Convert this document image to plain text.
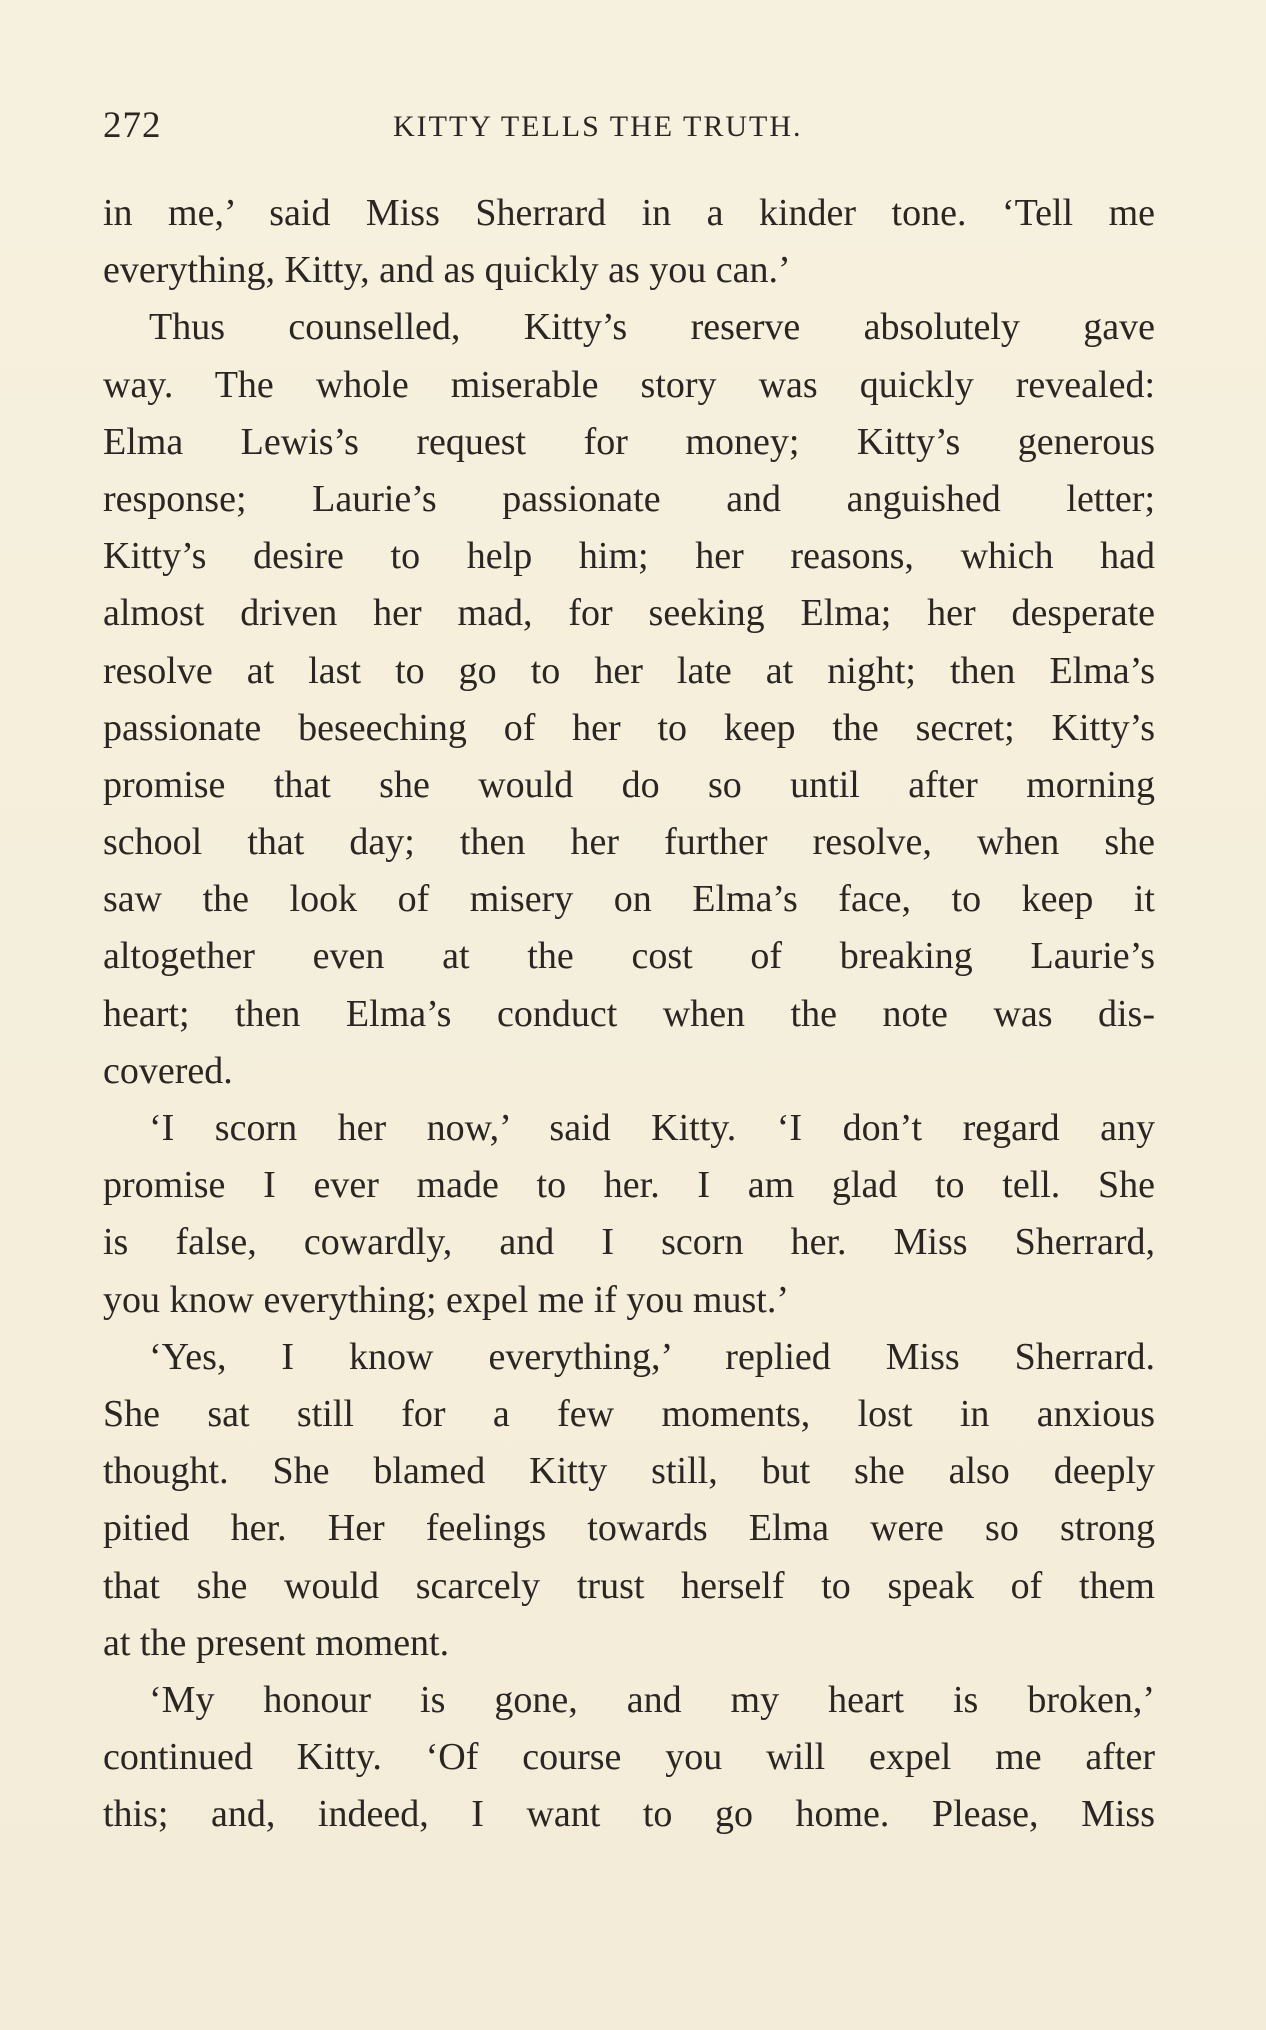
272	KITTY TELLS THE TRUTH.
in me,’ said Miss Sherrard in a kinder tone. ‘Tell me
everything, Kitty, and as quickly as you can.’
Thus counselled, Kitty’s reserve absolutely gave
way. The whole miserable story was quickly revealed:
Elma Lewis’s request for money; Kitty’s generous
response; Laurie’s passionate and anguished letter;
Kitty’s desire to help him; her reasons, which had
almost driven her mad, for seeking Elma; her desperate
resolve at last to go to her late at night; then Elma’s
passionate beseeching of her to keep the secret; Kitty’s
promise that she would do so until after morning
school that day; then her further resolve, when she
saw the look of misery on Elma’s face, to keep it
altogether even at the cost of breaking Laurie’s
heart; then Elma’s conduct when the note was dis-
covered.
‘I scorn her now,’ said Kitty. ‘I don’t regard any
promise I ever made to her. I am glad to tell. She
is false, cowardly, and I scorn her. Miss Sherrard,
you know everything; expel me if you must.’
‘Yes, I know everything,’ replied Miss Sherrard.
She sat still for a few moments, lost in anxious
thought. She blamed Kitty still, but she also deeply
pitied her. Her feelings towards Elma were so strong
that she would scarcely trust herself to speak of them
at the present moment.
‘My honour is gone, and my heart is broken,’
continued Kitty. ‘Of course you will expel me after
this; and, indeed, I want to go home. Please, Miss
